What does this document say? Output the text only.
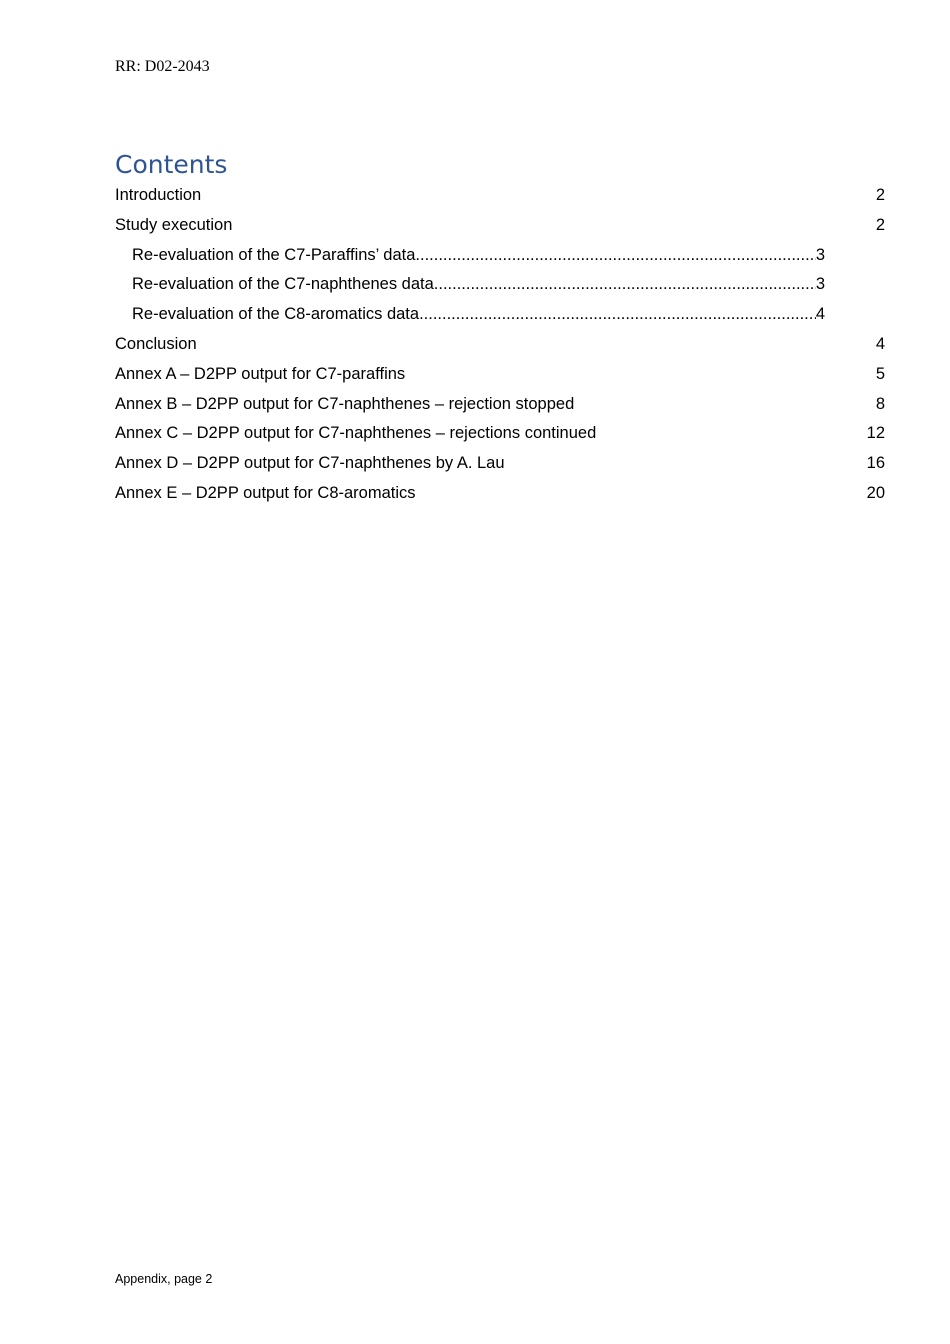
RR: D02-2043
Contents
Introduction	2
Study execution	2
Re-evaluation of the C7-Paraffins’ data .....	3
Re-evaluation of the C7-naphthenes data .....	3
Re-evaluation of the C8-aromatics data .....	4
Conclusion	4
Annex A – D2PP output for C7-paraffins	5
Annex B – D2PP output for C7-naphthenes – rejection stopped	8
Annex C – D2PP output for C7-naphthenes – rejections continued	12
Annex D – D2PP output for C7-naphthenes by A. Lau	16
Annex E – D2PP output for C8-aromatics	20
Appendix, page 2
